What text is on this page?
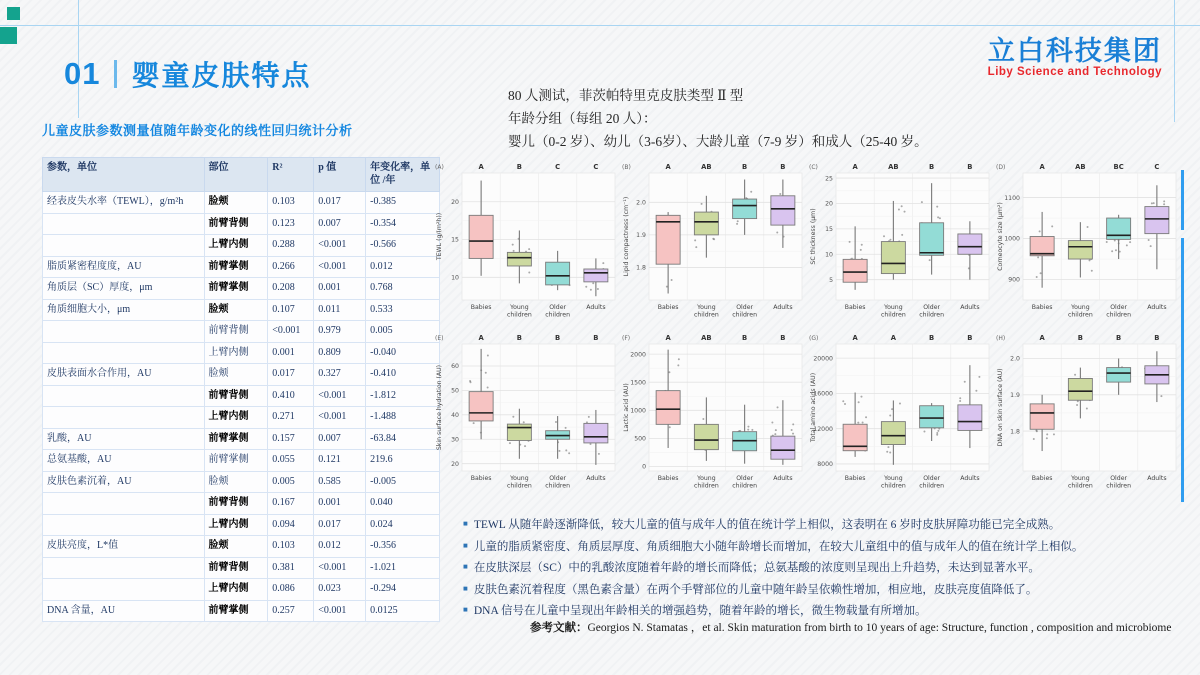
01 婴童皮肤特点
儿童皮肤参数测量值随年龄变化的线性回归统计分析
立白科技集团
Liby Science and Technology
80 人测试，菲茨帕特里克皮肤类型 Ⅱ 型
年龄分组（每组 20 人）：
婴儿（0-2 岁）、幼儿（3-6岁）、大龄儿童（7-9 岁）和成人（25-40 岁。
参数，单位	部位	R²	p 值	年变化率，单位 /年
经表皮失水率（TEWL），g/m²h	脸颊	0.103	0.017	-0.385
	前臂背侧	0.123	0.007	-0.354
	上臂内侧	0.288	<0.001	-0.566
脂质紧密程度度，AU	前臂掌侧	0.266	<0.001	0.012
角质层（SC）厚度，μm	前臂掌侧	0.208	0.001	0.768
角质细胞大小，μm	脸颊	0.107	0.011	0.533
	前臂背侧	<0.001	0.979	0.005
	上臂内侧	0.001	0.809	-0.040
皮肤表面水合作用，AU	脸颊	0.017	0.327	-0.410
	前臂背侧	0.410	<0.001	-1.812
	上臂内侧	0.271	<0.001	-1.488
乳酸，AU	前臂掌侧	0.157	0.007	-63.84
总氨基酸，AU	前臂掌侧	0.055	0.121	219.6
皮肤色素沉着，AU	脸颊	0.005	0.585	-0.005
	前臂背侧	0.167	0.001	0.040
	上臂内侧	0.094	0.017	0.024
皮肤亮度，L*值	脸颊	0.103	0.012	-0.356
	前臂背侧	0.381	<0.001	-1.021
	上臂内侧	0.086	0.023	-0.294
DNA 含量，AU	前臂掌侧	0.257	<0.001	0.0125
10
15
20
TEWL (g/(m²h))
(A)	A
Babies
B
Young
children
C
Older
children
C
Adults
1.8
1.9
2.0
Lipid compactness (cm⁻¹)
(B)	A
Babies
AB
Young
children
B
Older
children
B
Adults
5
10
15
20
25
SC thickness (μm)
(C)	A
Babies
AB
Young
children
B
Older
children
B
Adults
900
1000
1100
Corneocyte size (μm²)
(D)	A
Babies
AB
Young
children
BC
Older
children
C
Adults
20
30
40
50
60
Skin surface hydration (AU)
(E)	A
Babies
B
Young
children
B
Older
children
B
Adults
0
500
1000
1500
2000
Lactic acid (AU)
(F)	A
Babies
AB
Young
children
B
Older
children
B
Adults
8000
12000
16000
20000
Total amino acids (AU)
(G)	A
Babies
A
Young
children
B
Older
children
B
Adults
1.8
1.9
2.0
DNA on skin surface (AU)
(H)	A
Babies
B
Young
children
B
Older
children
B
Adults
■ TEWL 从随年龄逐渐降低，较大儿童的值与成年人的值在统计学上相似，这表明在 6 岁时皮肤屏障功能已完全成熟。
■ 儿童的脂质紧密度、角质层厚度、角质细胞大小随年龄增长而增加，在较大儿童组中的值与成年人的值在统计学上相似。
■ 在皮肤深层（SC）中的乳酸浓度随着年龄的增长而降低；总氨基酸的浓度则呈现出上升趋势，未达到显著水平。
■ 皮肤色素沉着程度（黑色素含量）在两个手臂部位的儿童中随年龄呈依赖性增加，相应地，皮肤亮度值降低了。
■ DNA 信号在儿童中呈现出年龄相关的增强趋势，随着年龄的增长，微生物载量有所增加。
参考文献：Georgios N. Stamatas ，et al. Skin maturation from birth to 10 years of age: Structure, function , composition and microbiome
